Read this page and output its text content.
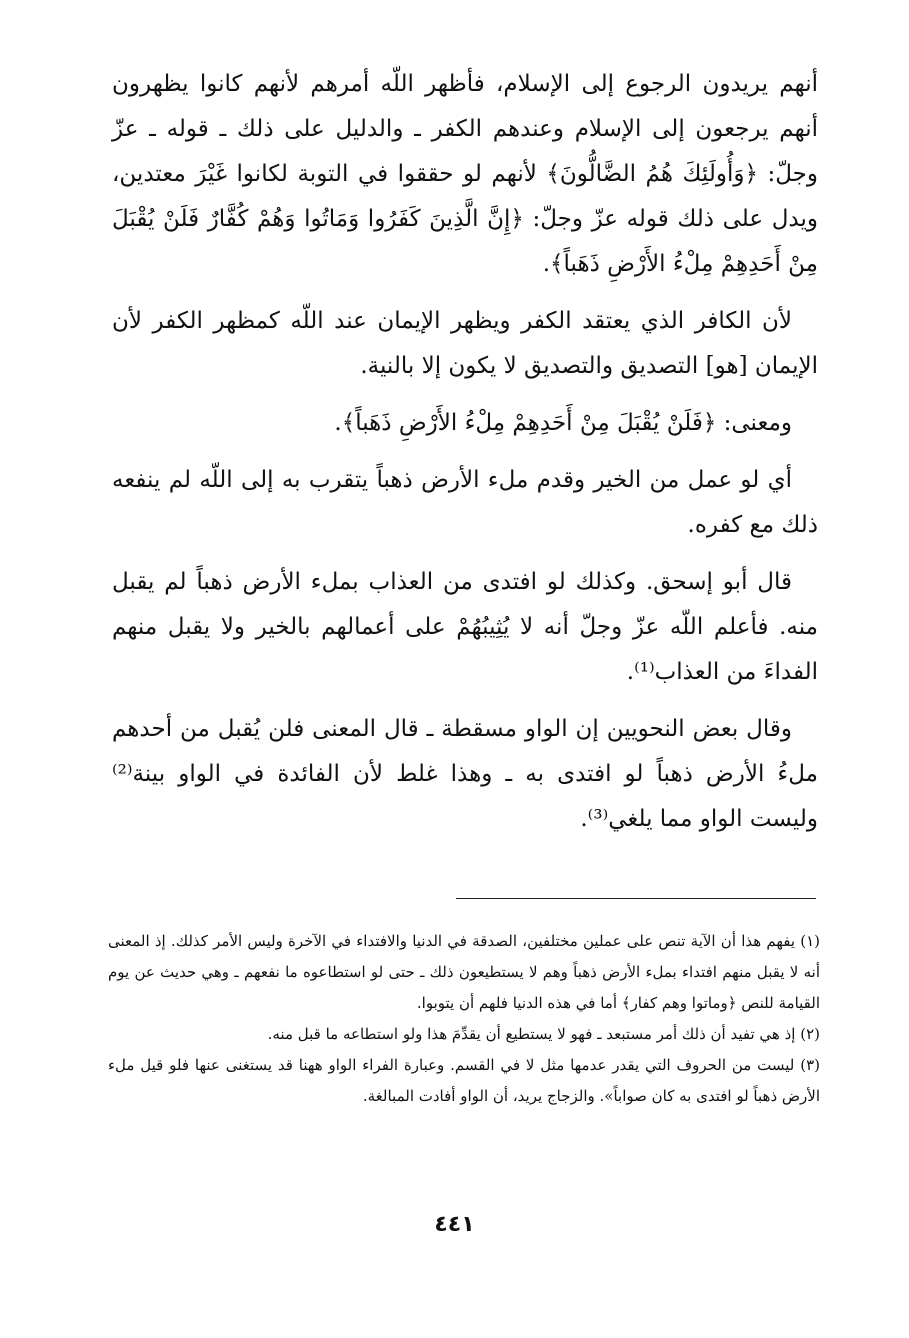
أنهم يريدون الرجوع إلى الإسلام، فأظهر اللّه أمرهم لأنهم كانوا يظهرون أنهم يرجعون إلى الإسلام وعندهم الكفر ـ والدليل على ذلك ـ قوله ـ عزّ وجلّ: ﴿وَأُولَئِكَ هُمُ الضَّالُّونَ﴾ لأنهم لو حققوا في التوبة لكانوا غَيْرَ معتدين، ويدل على ذلك قوله عزّ وجلّ: ﴿إِنَّ الَّذِينَ كَفَرُوا وَمَاتُوا وَهُمْ كُفَّارٌ فَلَنْ يُقْبَلَ مِنْ أَحَدِهِمْ مِلْءُ الأَرْضِ ذَهَباً﴾.

لأن الكافر الذي يعتقد الكفر ويظهر الإيمان عند اللّه كمظهر الكفر لأن الإيمان [هو] التصديق والتصديق لا يكون إلا بالنية.

ومعنى: ﴿فَلَنْ يُقْبَلَ مِنْ أَحَدِهِمْ مِلْءُ الأَرْضِ ذَهَباً﴾.

أي لو عمل من الخير وقدم ملء الأرض ذهباً يتقرب به إلى اللّه لم ينفعه ذلك مع كفره.

قال أبو إسحق. وكذلك لو افتدى من العذاب بملء الأرض ذهباً لم يقبل منه. فأعلم اللّه عزّ وجلّ أنه لا يُثِيبُهُمْ على أعمالهم بالخير ولا يقبل منهم الفداءَ من العذاب⁽¹⁾.

وقال بعض النحويين إن الواو مسقطة ـ قال المعنى فلن يُقبل من أحدهم ملءُ الأرض ذهباً لو افتدى به ـ وهذا غلط لأن الفائدة في الواو بينة⁽²⁾ وليست الواو مما يلغي⁽³⁾.

(١) يفهم هذا أن الآية تنص على عملين مختلفين، الصدقة في الدنيا والافتداء في الآخرة وليس الأمر كذلك. إذ المعنى أنه لا يقبل منهم افتداء بملء الأرض ذهباً وهم لا يستطيعون ذلك ـ حتى لو استطاعوه ما نفعهم ـ وهي حديث عن يوم القيامة للنص ﴿وماتوا وهم كفار﴾ أما في هذه الدنيا فلهم أن يتوبوا.

(٢) إذ هي تفيد أن ذلك أمر مستبعد ـ فهو لا يستطيع أن يقدِّمَ هذا ولو استطاعه ما قبل منه.

(٣) ليست من الحروف التي يقدر عدمها مثل لا في القسم. وعبارة الفراء الواو ههنا قد يستغنى عنها فلو قيل ملء الأرض ذهباً لو افتدى به كان صواباً». والزجاج يريد، أن الواو أفادت المبالغة.

٤٤١
